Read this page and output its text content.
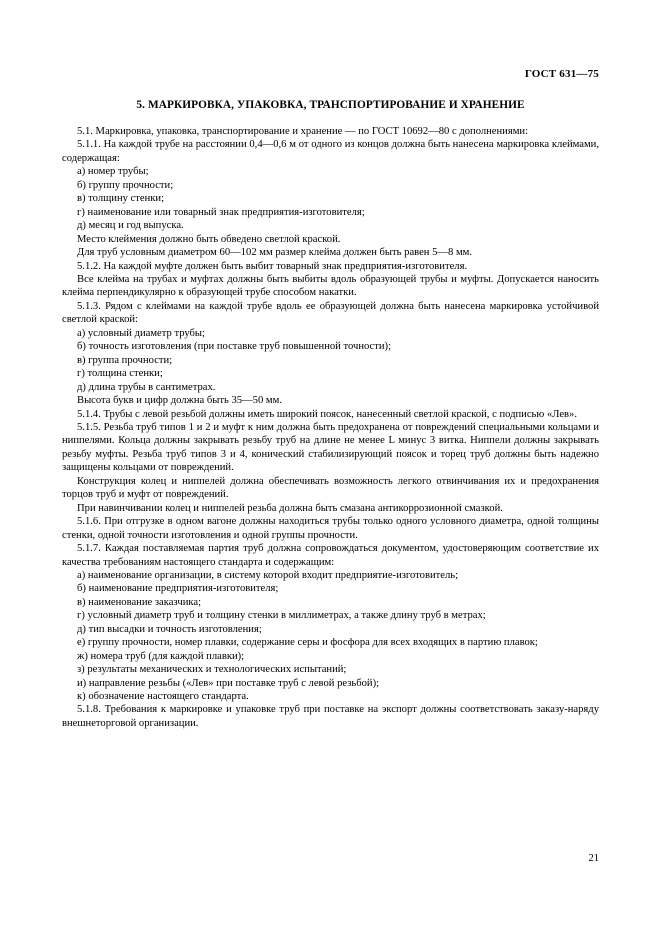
ГОСТ 631—75
5. МАРКИРОВКА, УПАКОВКА, ТРАНСПОРТИРОВАНИЕ И ХРАНЕНИЕ

5.1. Маркировка, упаковка, транспортирование и хранение — по ГОСТ 10692—80 с дополнениями:

5.1.1. На каждой трубе на расстоянии 0,4—0,6 м от одного из концов должна быть нанесена маркировка клеймами, содержащая:

а) номер трубы;

б) группу прочности;

в) толщину стенки;

г) наименование или товарный знак предприятия-изготовителя;

д) месяц и год выпуска.

Место клеймения должно быть обведено светлой краской.

Для труб условным диаметром 60—102 мм размер клейма должен быть равен 5—8 мм.

5.1.2. На каждой муфте должен быть выбит товарный знак предприятия-изготовителя.

Все клейма на трубах и муфтах должны быть выбиты вдоль образующей трубы и муфты. Допускается наносить клейма перпендикулярно к образующей трубе способом накатки.

5.1.3. Рядом с клеймами на каждой трубе вдоль ее образующей должна быть нанесена маркировка устойчивой светлой краской:

а) условный диаметр трубы;

б) точность изготовления (при поставке труб повышенной точности);

в) группа прочности;

г) толщина стенки;

д) длина трубы в сантиметрах.

Высота букв и цифр должна быть 35—50 мм.

5.1.4. Трубы с левой резьбой должны иметь широкий поясок, нанесенный светлой краской, с подписью «Лев».

5.1.5. Резьба труб типов 1 и 2 и муфт к ним должна быть предохранена от повреждений специальными кольцами и ниппелями. Кольца должны закрывать резьбу труб на длине не менее L минус 3 витка. Ниппели должны закрывать резьбу муфты. Резьба труб типов 3 и 4, конический стабилизирующий поясок и торец труб должны быть надежно защищены кольцами от повреждений.

Конструкция колец и ниппелей должна обеспечивать возможность легкого отвинчивания их и предохранения торцов труб и муфт от повреждений.

При навинчивании колец и ниппелей резьба должна быть смазана антикоррозионной смазкой.

5.1.6. При отгрузке в одном вагоне должны находиться трубы только одного условного диаметра, одной толщины стенки, одной точности изготовления и одной группы прочности.

5.1.7. Каждая поставляемая партия труб должна сопровождаться документом, удостоверяющим соответствие их качества требованиям настоящего стандарта и содержащим:

а) наименование организации, в систему которой входит предприятие-изготовитель;

б) наименование предприятия-изготовителя;

в) наименование заказчика;

г) условный диаметр труб и толщину стенки в миллиметрах, а также длину труб в метрах;

д) тип высадки и точность изготовления;

е) группу прочности, номер плавки, содержание серы и фосфора для всех входящих в партию плавок;

ж) номера труб (для каждой плавки);

з) результаты механических и технологических испытаний;

и) направление резьбы («Лев» при поставке труб с левой резьбой);

к) обозначение настоящего стандарта.

5.1.8. Требования к маркировке и упаковке труб при поставке на экспорт должны соответствовать заказу-наряду внешнеторговой организации.

21
